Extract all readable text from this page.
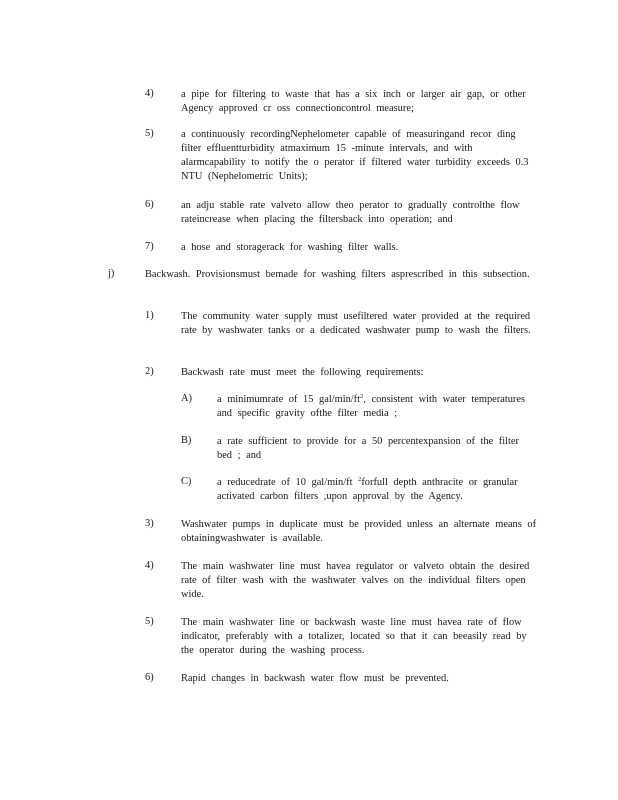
4)	a pipe for filtering to waste that has a six inch or larger air gap, or other Agency approved cr oss connectioncontrol measure;
5)	a continuously recordingNephelometer capable of measuringand recor ding filter effluentturbidity atmaximum 15 -minute intervals, and with alarmcapability to notify the o perator if filtered water turbidity exceeds 0.3 NTU (Nephelometric Units);
6)	an adju stable rate valveto allow theo perator to gradually controlthe flow rateincrease when placing the filtersback into operation; and
7)	a hose and storagerack for washing filter walls.
j)	Backwash. Provisionsmust bemade for washing filters asprescribed in this subsection.
1)	The community water supply must usefiltered water provided at the required rate by washwater tanks or a dedicated washwater pump to wash the filters.
2)	Backwash rate must meet the following requirements:
A) a minimumrate of 15 gal/$\min/ft^2$, consistent with water temperatures and specific gravity ofthe filter media ;
B) a rate sufficient to provide for a 50 percentexpansion of the filter bed ; and
C) a reducedrate of 10 gal/min/ft $^2$forfull depth anthracite or granular activated carbon filters ,upon approval by the Agency.
3)	Washwater pumps in duplicate must be provided unless an alternate means of obtainingwashwater is available.
4)	The main washwater line must havea regulator or valveto obtain the desired rate of filter wash with the washwater valves on the individual filters open wide.
5)	The main washwater line or backwash waste line must havea rate of flow indicator, preferably with a totalizer, located so that it can beeasily read by the operator during the washing process.
6)	Rapid changes in backwash water flow must be prevented.
